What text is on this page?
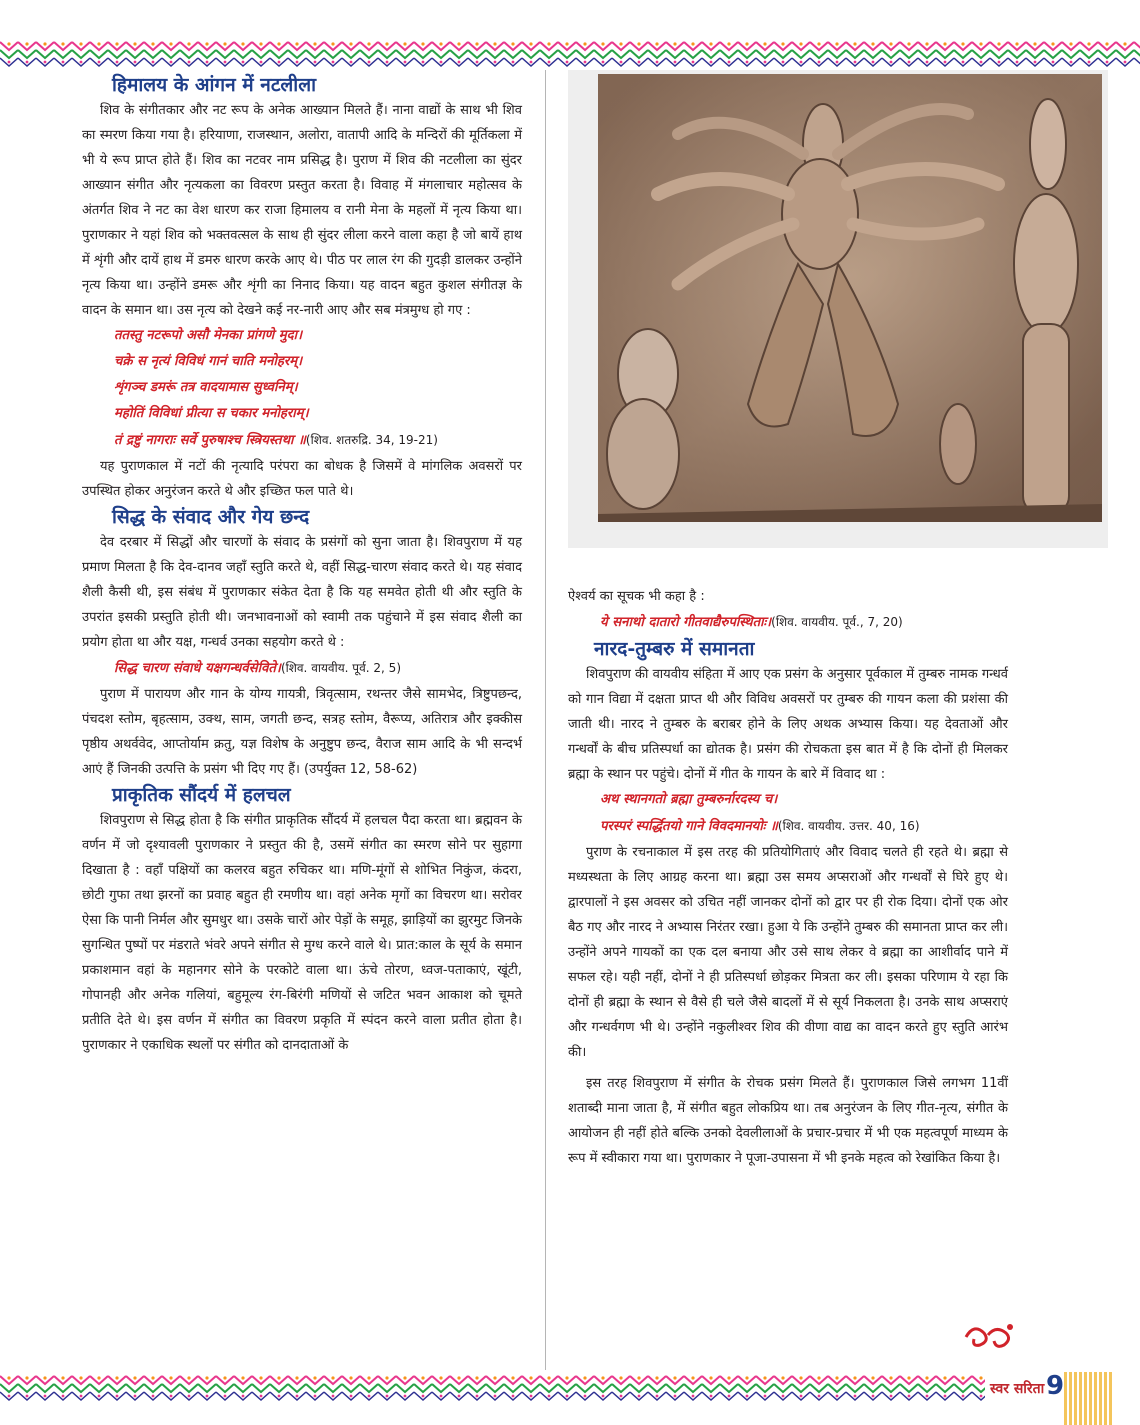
हिमालय के आंगन में नटलीला

शिव के संगीतकार और नट रूप के अनेक आख्यान मिलते हैं। नाना वाद्यों के साथ भी शिव का स्मरण किया गया है। हरियाणा, राजस्थान, अलोरा, वातापी आदि के मन्दिरों की मूर्तिकला में भी ये रूप प्राप्त होते हैं। शिव का नटवर नाम प्रसिद्ध है। पुराण में शिव की नटलीला का सुंदर आख्यान संगीत और नृत्यकला का विवरण प्रस्तुत करता है। विवाह में मंगलाचार महोत्सव के अंतर्गत शिव ने नट का वेश धारण कर राजा हिमालय व रानी मेना के महलों में नृत्य किया था। पुराणकार ने यहां शिव को भक्तवत्सल के साथ ही सुंदर लीला करने वाला कहा है जो बायें हाथ में शृंगी और दायें हाथ में डमरु धारण करके आए थे। पीठ पर लाल रंग की गुदड़ी डालकर उन्होंने नृत्य किया था। उन्होंने डमरू और शृंगी का निनाद किया। यह वादन बहुत कुशल संगीतज्ञ के वादन के समान था। उस नृत्य को देखने कई नर-नारी आए और सब मंत्रमुग्ध हो गए :

ततस्तु नटरूपो असौ मेनका प्रांगणे मुदा।
चक्रे स नृत्यं विविधं गानं चाति मनोहरम्।
शृंगञ्च डमरूं तत्र वादयामास सुध्वनिम्।
महोतिं विविधां प्रीत्या स चकार मनोहराम्।
तं द्रष्टुं नागराः सर्वे पुरुषाश्च स्त्रियस्तथा ॥(शिव. शतरुद्रि. 34, 19-21)

यह पुराणकाल में नटों की नृत्यादि परंपरा का बोधक है जिसमें वे मांगलिक अवसरों पर उपस्थित होकर अनुरंजन करते थे और इच्छित फल पाते थे।

सिद्ध के संवाद और गेय छन्द

देव दरबार में सिद्धों और चारणों के संवाद के प्रसंगों को सुना जाता है। शिवपुराण में यह प्रमाण मिलता है कि देव-दानव जहाँ स्तुति करते थे, वहीं सिद्ध-चारण संवाद करते थे। यह संवाद शैली कैसी थी, इस संबंध में पुराणकार संकेत देता है कि यह समवेत होती थी और स्तुति के उपरांत इसकी प्रस्तुति होती थी। जनभावनाओं को स्वामी तक पहुंचाने में इस संवाद शैली का प्रयोग होता था और यक्ष, गन्धर्व उनका सहयोग करते थे :

सिद्ध चारण संवाधे यक्षगन्धर्वसेविते।(शिव. वायवीय. पूर्व. 2, 5)

पुराण में पारायण और गान के योग्य गायत्री, त्रिवृत्साम, रथन्तर जैसे सामभेद, त्रिष्टुपछन्द, पंचदश स्तोम, बृहत्साम, उक्थ, साम, जगती छन्द, सत्रह स्तोम, वैरूप्य, अतिरात्र और इक्कीस पृष्ठीय अथर्ववेद, आप्तोर्याम क्रतु, यज्ञ विशेष के अनुष्टुप छन्द, वैराज साम आदि के भी सन्दर्भ आएं हैं जिनकी उत्पत्ति के प्रसंग भी दिए गए हैं। (उपर्युक्त 12, 58-62)

प्राकृतिक सौंदर्य में हलचल

शिवपुराण से सिद्ध होता है कि संगीत प्राकृतिक सौंदर्य में हलचल पैदा करता था। ब्रह्मवन के वर्णन में जो दृश्यावली पुराणकार ने प्रस्तुत की है, उसमें संगीत का स्मरण सोने पर सुहागा दिखाता है : वहाँ पक्षियों का कलरव बहुत रुचिकर था। मणि-मूंगों से शोभित निकुंज, कंदरा, छोटी गुफा तथा झरनों का प्रवाह बहुत ही रमणीय था। वहां अनेक मृगों का विचरण था। सरोवर ऐसा कि पानी निर्मल और सुमधुर था। उसके चारों ओर पेड़ों के समूह, झाड़ियों का झुरमुट जिनके सुगन्धित पुष्पों पर मंडराते भंवरे अपने संगीत से मुग्ध करने वाले थे। प्रात:काल के सूर्य के समान प्रकाशमान वहां के महानगर सोने के परकोटे वाला था। ऊंचे तोरण, ध्वज-पताकाएं, खूंटी, गोपानही और अनेक गलियां, बहुमूल्य रंग-बिरंगी मणियों से जटित भवन आकाश को चूमते प्रतीति देते थे। इस वर्णन में संगीत का विवरण प्रकृति में स्पंदन करने वाला प्रतीत होता है। पुराणकार ने एकाधिक स्थलों पर संगीत को दानदाताओं के

ऐश्वर्य का सूचक भी कहा है :

ये सनाथो दातारो गीतवाद्यैरुपस्थिताः।(शिव. वायवीय. पूर्व., 7, 20)
नारद-तुम्बरु में समानता

शिवपुराण की वायवीय संहिता में आए एक प्रसंग के अनुसार पूर्वकाल में तुम्बरु नामक गन्धर्व को गान विद्या में दक्षता प्राप्त थी और विविध अवसरों पर तुम्बरु की गायन कला की प्रशंसा की जाती थी। नारद ने तुम्बरु के बराबर होने के लिए अथक अभ्यास किया। यह देवताओं और गन्धर्वों के बीच प्रतिस्पर्धा का द्योतक है। प्रसंग की रोचकता इस बात में है कि दोनों ही मिलकर ब्रह्मा के स्थान पर पहुंचे। दोनों में गीत के गायन के बारे में विवाद था :

अथ स्थानगतो ब्रह्मा तुम्बरुर्नारदस्य च।
परस्परं स्पर्द्धितयो गाने विवदमानयोः ॥(शिव. वायवीय. उत्तर. 40, 16)

पुराण के रचनाकाल में इस तरह की प्रतियोगिताएं और विवाद चलते ही रहते थे। ब्रह्मा से मध्यस्थता के लिए आग्रह करना था। ब्रह्मा उस समय अप्सराओं और गन्धर्वों से घिरे हुए थे। द्वारपालों ने इस अवसर को उचित नहीं जानकर दोनों को द्वार पर ही रोक दिया। दोनों एक ओर बैठ गए और नारद ने अभ्यास निरंतर रखा। हुआ ये कि उन्होंने तुम्बरु की समानता प्राप्त कर ली। उन्होंने अपने गायकों का एक दल बनाया और उसे साथ लेकर वे ब्रह्मा का आशीर्वाद पाने में सफल रहे। यही नहीं, दोनों ने ही प्रतिस्पर्धा छोड़कर मित्रता कर ली। इसका परिणाम ये रहा कि दोनों ही ब्रह्मा के स्थान से वैसे ही चले जैसे बादलों में से सूर्य निकलता है। उनके साथ अप्सराएं और गन्धर्वगण भी थे। उन्होंने नकुलीश्वर शिव की वीणा वाद्य का वादन करते हुए स्तुति आरंभ की।

इस तरह शिवपुराण में संगीत के रोचक प्रसंग मिलते हैं। पुराणकाल जिसे लगभग 11वीं शताब्दी माना जाता है, में संगीत बहुत लोकप्रिय था। तब अनुरंजन के लिए गीत-नृत्य, संगीत के आयोजन ही नहीं होते बल्कि उनको देवलीलाओं के प्रचार-प्रचार में भी एक महत्वपूर्ण माध्यम के रूप में स्वीकारा गया था। पुराणकार ने पूजा-उपासना में भी इनके महत्व को रेखांकित किया है।

स्वर सरिता 9
